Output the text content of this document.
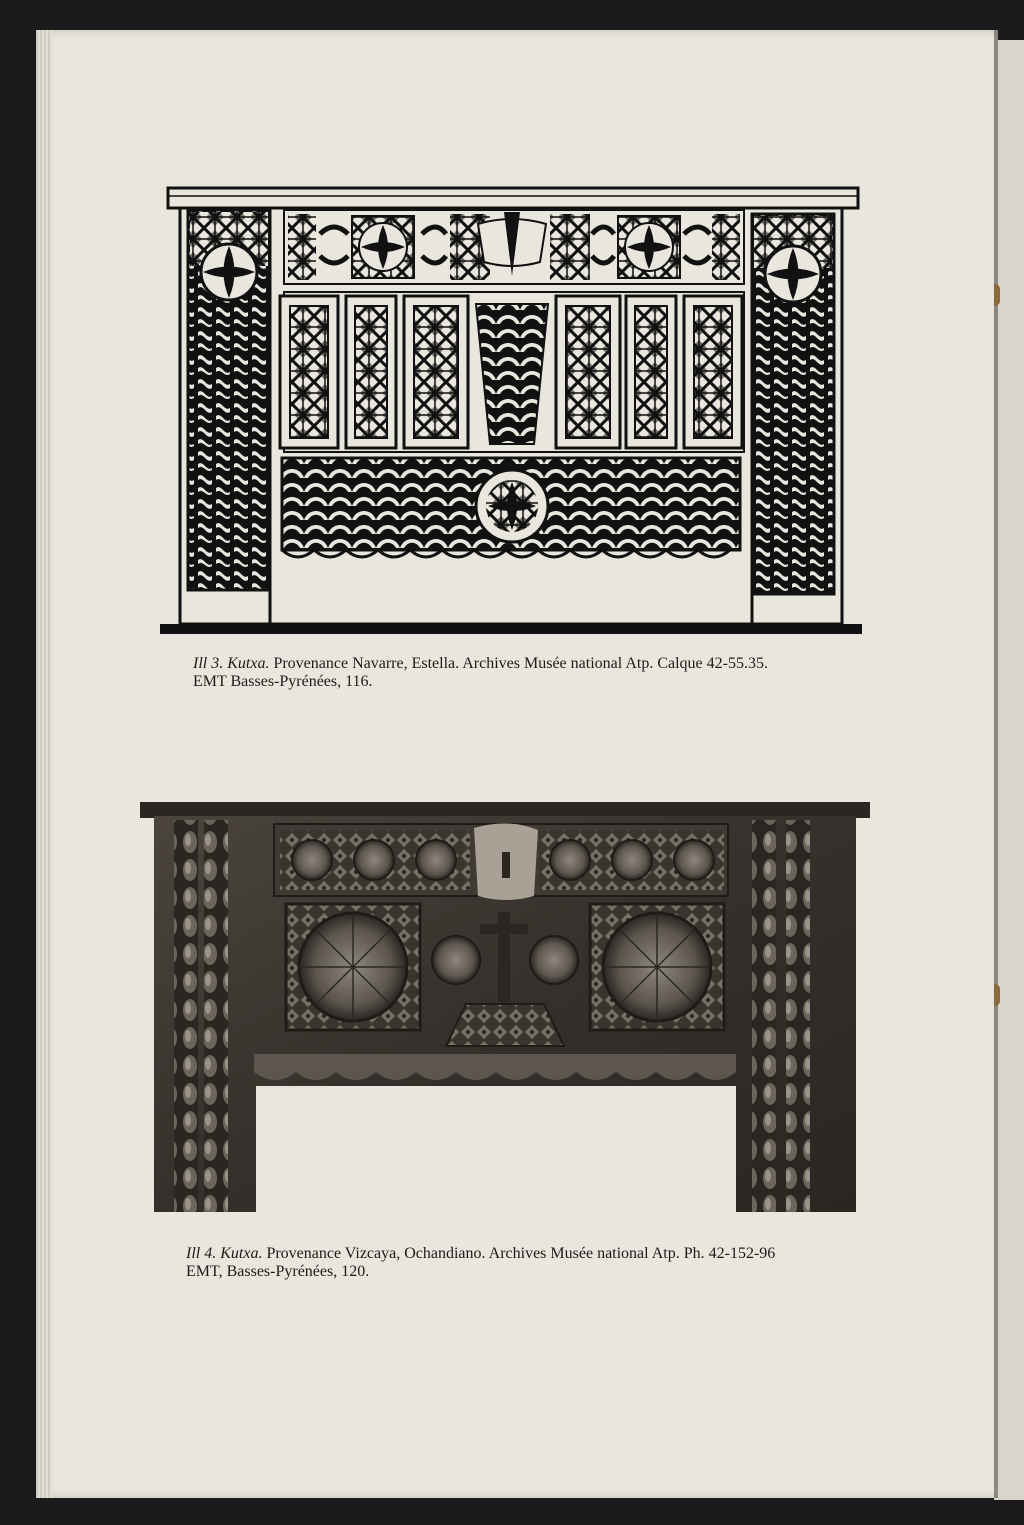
Ill 3. Kutxa. Provenance Navarre, Estella. Archives Musée national Atp. Calque 42-55.35.
EMT Basses-Pyrénées, 116.
Ill 4. Kutxa. Provenance Vizcaya, Ochandiano. Archives Musée national Atp. Ph. 42-152-96
EMT, Basses-Pyrénées, 120.
